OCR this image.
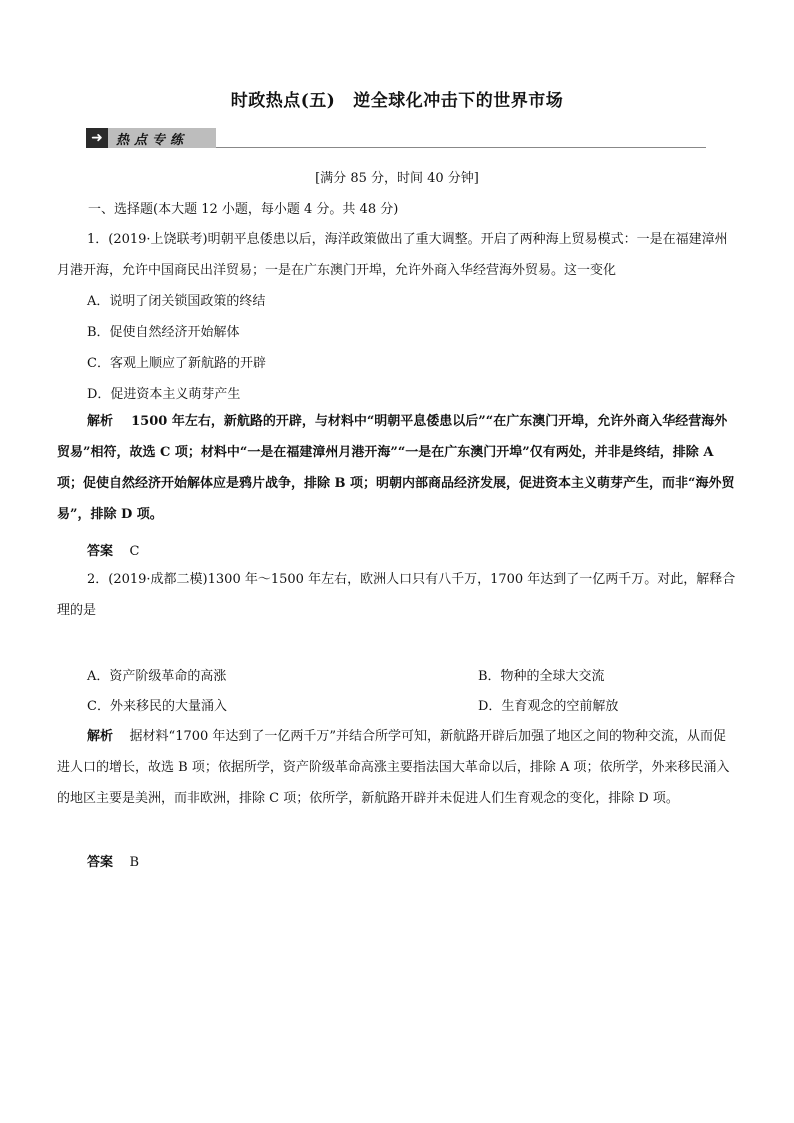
时政热点(五) 逆全球化冲击下的世界市场
➜	热点专练
[满分 85 分，时间 40 分钟]
一、选择题(本大题 12 小题，每小题 4 分。共 48 分)
1．(2019·上饶联考)明朝平息倭患以后，海洋政策做出了重大调整。开启了两种海上贸易模式：一是在福建漳州月港开海，允许中国商民出洋贸易；一是在广东澳门开埠，允许外商入华经营海外贸易。这一变化
A．说明了闭关锁国政策的终结
B．促使自然经济开始解体
C．客观上顺应了新航路的开辟
D．促进资本主义萌芽产生
解析 1500 年左右，新航路的开辟，与材料中“明朝平息倭患以后”“在广东澳门开埠，允许外商入华经营海外贸易”相符，故选 C 项；材料中“一是在福建漳州月港开海”“一是在广东澳门开埠”仅有两处，并非是终结，排除 A 项；促使自然经济开始解体应是鸦片战争，排除 B 项；明朝内部商品经济发展，促进资本主义萌芽产生，而非“海外贸易”，排除 D 项。
答案 C
2．(2019·成都二模)1300 年～1500 年左右，欧洲人口只有八千万，1700 年达到了一亿两千万。对此，解释合理的是
A．资产阶级革命的高涨	B．物种的全球大交流
C．外来移民的大量涌入	D．生育观念的空前解放
解析 据材料“1700 年达到了一亿两千万”并结合所学可知，新航路开辟后加强了地区之间的物种交流，从而促进人口的增长，故选 B 项；依据所学，资产阶级革命高涨主要指法国大革命以后，排除 A 项；依所学，外来移民涌入的地区主要是美洲，而非欧洲，排除 C 项；依所学，新航路开辟并未促进人们生育观念的变化，排除 D 项。
答案 B
